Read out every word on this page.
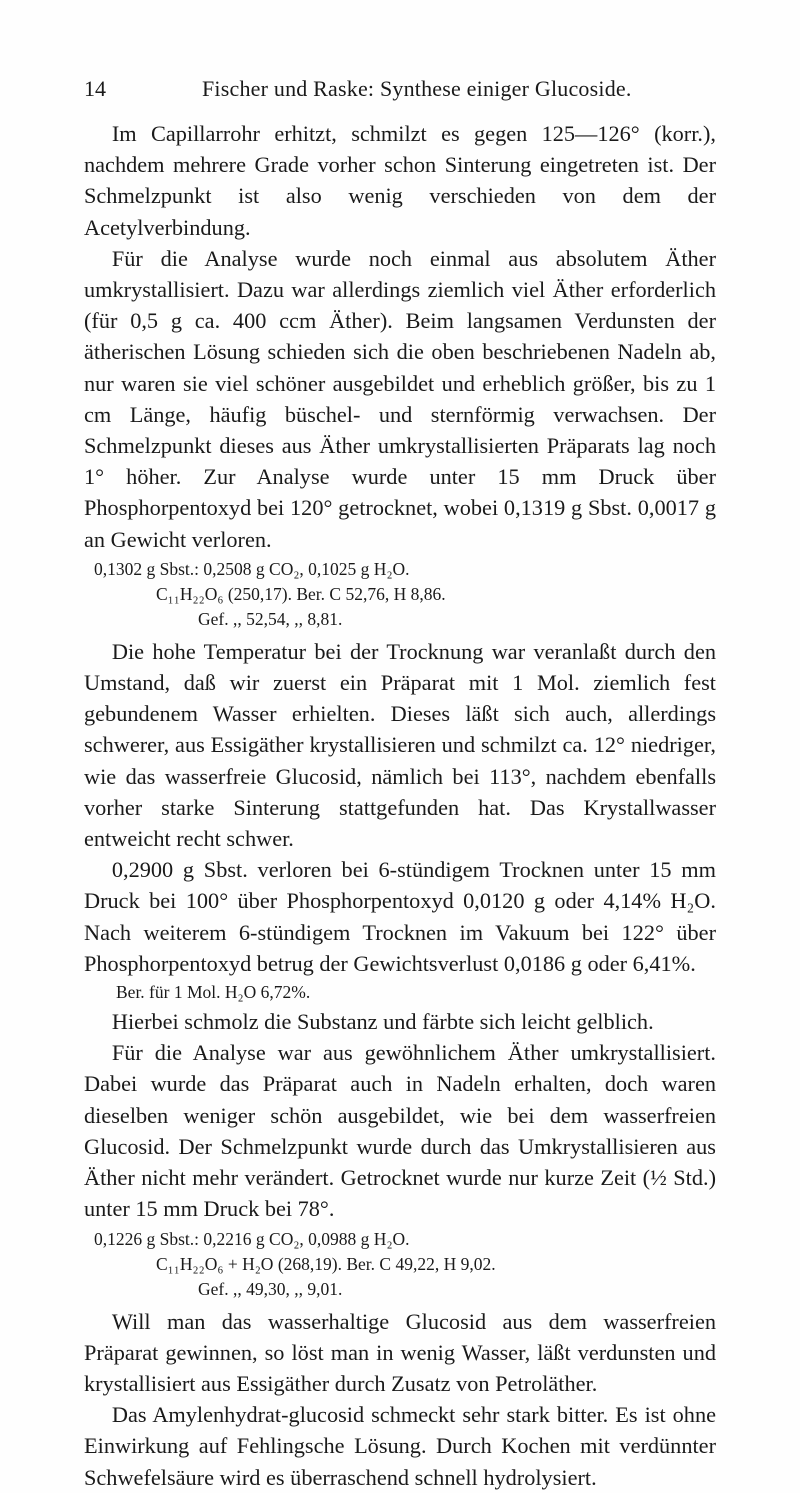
14	Fischer und Raske: Synthese einiger Glucoside.

Im Capillarrohr erhitzt, schmilzt es gegen 125—126° (korr.), nachdem mehrere Grade vorher schon Sinterung eingetreten ist. Der Schmelzpunkt ist also wenig verschieden von dem der Acetylverbindung.

Für die Analyse wurde noch einmal aus absolutem Äther umkrystallisiert. Dazu war allerdings ziemlich viel Äther erforderlich (für 0,5 g ca. 400 ccm Äther). Beim langsamen Verdunsten der ätherischen Lösung schieden sich die oben beschriebenen Nadeln ab, nur waren sie viel schöner ausgebildet und erheblich größer, bis zu 1 cm Länge, häufig büschel- und sternförmig verwachsen. Der Schmelzpunkt dieses aus Äther umkrystallisierten Präparats lag noch 1° höher. Zur Analyse wurde unter 15 mm Druck über Phosphorpentoxyd bei 120° getrocknet, wobei 0,1319 g Sbst. 0,0017 g an Gewicht verloren.

0,1302 g Sbst.: 0,2508 g CO₂, 0,1025 g H₂O.
C₁₁H₂₂O₆ (250,17). Ber. C 52,76, H 8,86.
Gef. ,, 52,54, ,, 8,81.

Die hohe Temperatur bei der Trocknung war veranlaßt durch den Umstand, daß wir zuerst ein Präparat mit 1 Mol. ziemlich fest gebundenem Wasser erhielten. Dieses läßt sich auch, allerdings schwerer, aus Essigäther krystallisieren und schmilzt ca. 12° niedriger, wie das wasserfreie Glucosid, nämlich bei 113°, nachdem ebenfalls vorher starke Sinterung stattgefunden hat. Das Krystallwasser entweicht recht schwer.

0,2900 g Sbst. verloren bei 6-stündigem Trocknen unter 15 mm Druck bei 100° über Phosphorpentoxyd 0,0120 g oder 4,14% H₂O. Nach weiterem 6-stündigem Trocknen im Vakuum bei 122° über Phosphorpentoxyd betrug der Gewichtsverlust 0,0186 g oder 6,41%.

Ber. für 1 Mol. H₂O 6,72%.

Hierbei schmolz die Substanz und färbte sich leicht gelblich.

Für die Analyse war aus gewöhnlichem Äther umkrystallisiert. Dabei wurde das Präparat auch in Nadeln erhalten, doch waren dieselben weniger schön ausgebildet, wie bei dem wasserfreien Glucosid. Der Schmelzpunkt wurde durch das Umkrystallisieren aus Äther nicht mehr verändert. Getrocknet wurde nur kurze Zeit (½ Std.) unter 15 mm Druck bei 78°.

0,1226 g Sbst.: 0,2216 g CO₂, 0,0988 g H₂O.
C₁₁H₂₂O₆ + H₂O (268,19). Ber. C 49,22, H 9,02.
Gef. ,, 49,30, ,, 9,01.

Will man das wasserhaltige Glucosid aus dem wasserfreien Präparat gewinnen, so löst man in wenig Wasser, läßt verdunsten und krystallisiert aus Essigäther durch Zusatz von Petroläther.

Das Amylenhydrat-glucosid schmeckt sehr stark bitter. Es ist ohne Einwirkung auf Fehlingsche Lösung. Durch Kochen mit verdünnter Schwefelsäure wird es überraschend schnell hydrolysiert.
